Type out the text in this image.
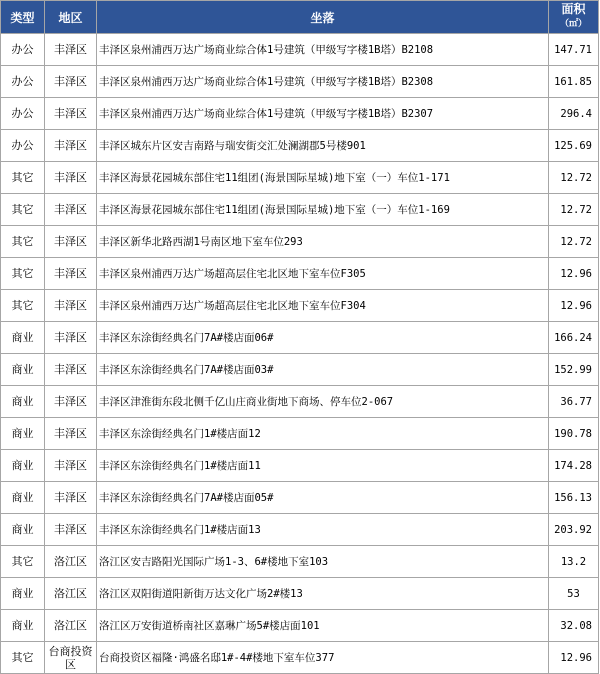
类型	地区	坐落	面积
（㎡）
办公	丰泽区	丰泽区泉州浦西万达广场商业综合体1号建筑（甲级写字楼1B塔）B2108	147.71
办公	丰泽区	丰泽区泉州浦西万达广场商业综合体1号建筑（甲级写字楼1B塔）B2308	161.85
办公	丰泽区	丰泽区泉州浦西万达广场商业综合体1号建筑（甲级写字楼1B塔）B2307	296.4
办公	丰泽区	丰泽区城东片区安吉南路与瑞安街交汇处澜湖郡5号楼901	125.69
其它	丰泽区	丰泽区海景花园城东部住宅11组团(海景国际星城)地下室（一）车位1-171	12.72
其它	丰泽区	丰泽区海景花园城东部住宅11组团(海景国际星城)地下室（一）车位1-169	12.72
其它	丰泽区	丰泽区新华北路西湖1号南区地下室车位293	12.72
其它	丰泽区	丰泽区泉州浦西万达广场超高层住宅北区地下室车位F305	12.96
其它	丰泽区	丰泽区泉州浦西万达广场超高层住宅北区地下室车位F304	12.96
商业	丰泽区	丰泽区东涂街经典名门7A#楼店面06#	166.24
商业	丰泽区	丰泽区东涂街经典名门7A#楼店面03#	152.99
商业	丰泽区	丰泽区津淮街东段北侧千亿山庄商业街地下商场、停车位2-067	36.77
商业	丰泽区	丰泽区东涂街经典名门1#楼店面12	190.78
商业	丰泽区	丰泽区东涂街经典名门1#楼店面11	174.28
商业	丰泽区	丰泽区东涂街经典名门7A#楼店面05#	156.13
商业	丰泽区	丰泽区东涂街经典名门1#楼店面13	203.92
其它	洛江区	洛江区安吉路阳光国际广场1-3、6#楼地下室103	13.2
商业	洛江区	洛江区双阳街道阳新街万达文化广场2#楼13	53
商业	洛江区	洛江区万安街道桥南社区嘉琳广场5#楼店面101	32.08
其它	台商投资区	台商投资区福隆·鸿盛名邸1#-4#楼地下室车位377	12.96
